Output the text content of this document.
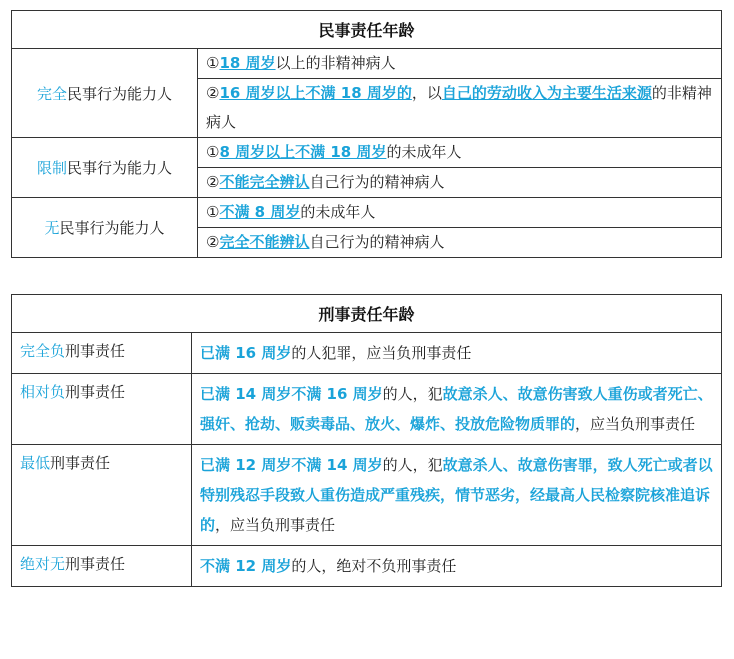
民事责任年龄	
完全民事行为能力人	①18 周岁以上的非精神病人
	②16 周岁以上不满 18 周岁的，以自己的劳动收入为主要生活来源的非精神病人
限制民事行为能力人	①8 周岁以上不满 18 周岁的未成年人
	②不能完全辨认自己行为的精神病人
无民事行为能力人	①不满 8 周岁的未成年人
	②完全不能辨认自己行为的精神病人
刑事责任年龄	
完全负刑事责任	已满 16 周岁的人犯罪，应当负刑事责任
相对负刑事责任	已满 14 周岁不满 16 周岁的人，犯故意杀人、故意伤害致人重伤或者死亡、强奸、抢劫、贩卖毒品、放火、爆炸、投放危险物质罪的，应当负刑事责任
最低刑事责任	已满 12 周岁不满 14 周岁的人，犯故意杀人、故意伤害罪，致人死亡或者以特别残忍手段致人重伤造成严重残疾，情节恶劣，经最高人民检察院核准追诉的，应当负刑事责任
绝对无刑事责任	不满 12 周岁的人，绝对不负刑事责任
